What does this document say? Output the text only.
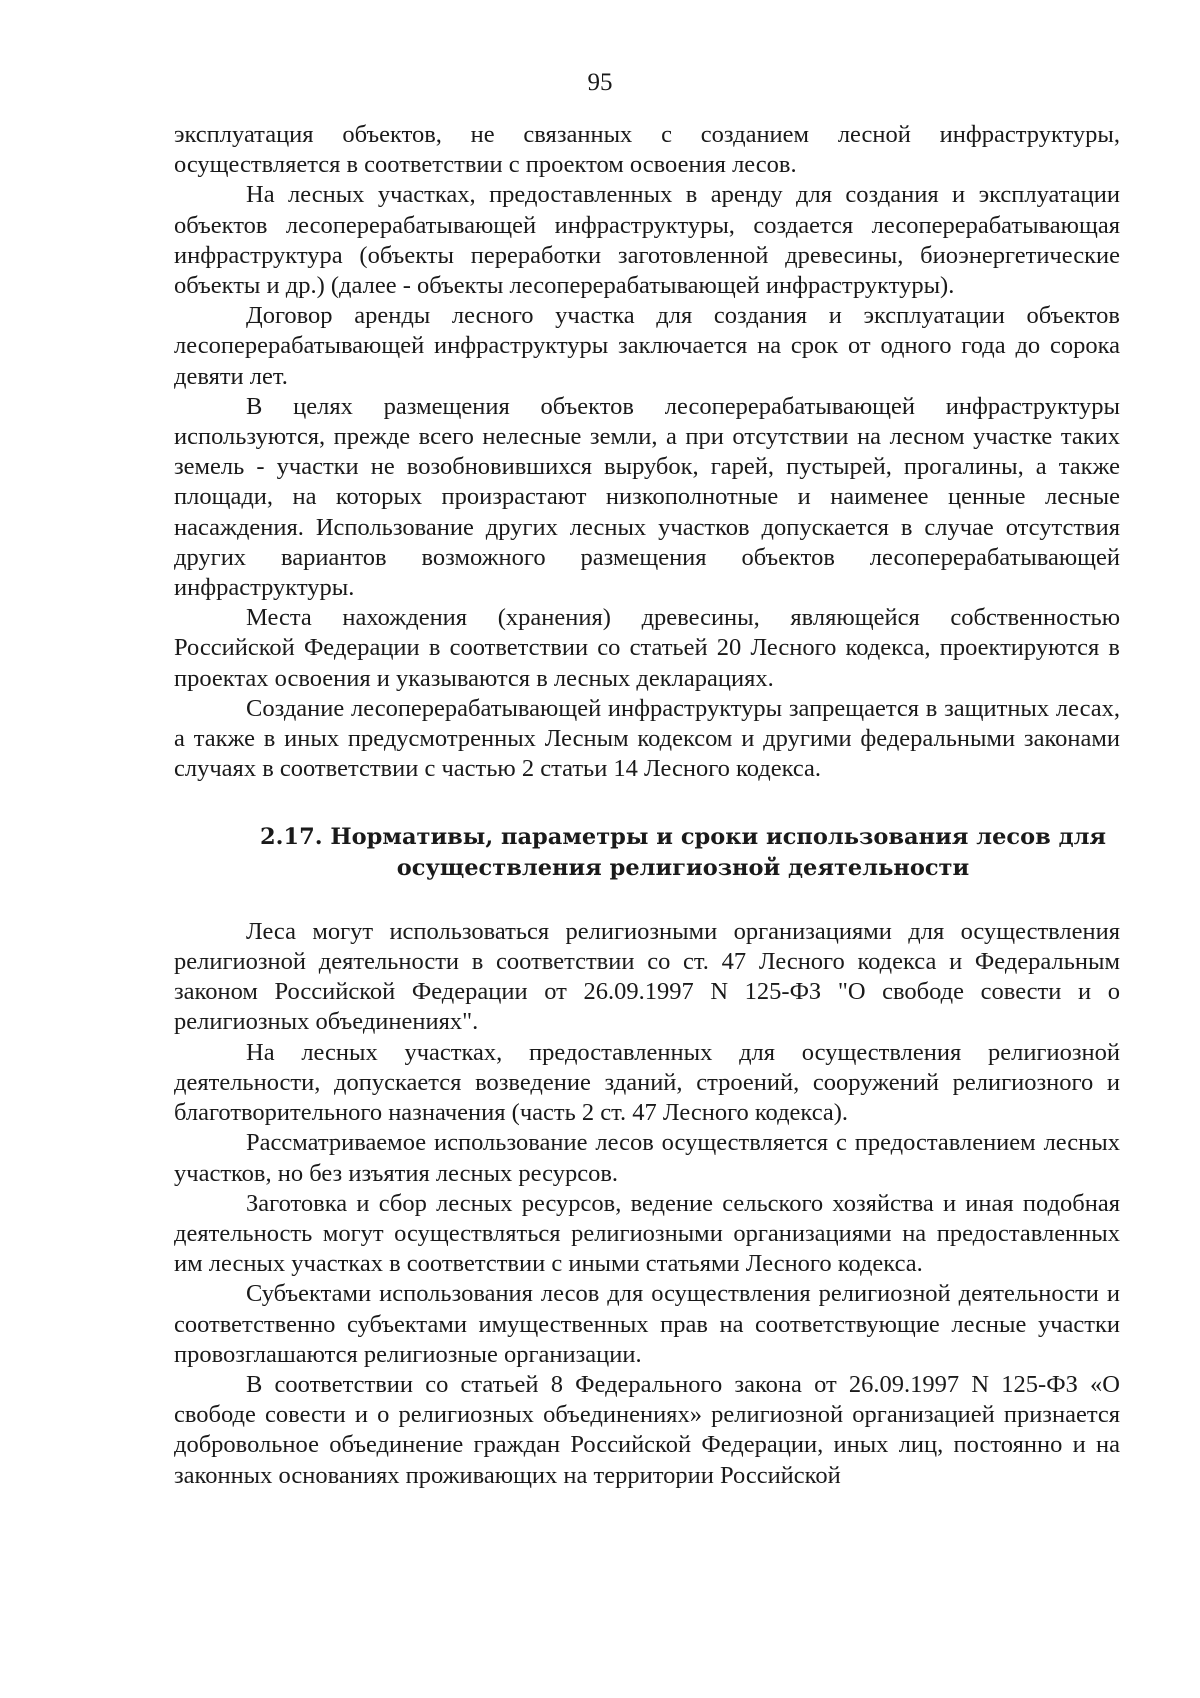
95

эксплуатация объектов, не связанных с созданием лесной инфраструктуры, осуществляется в соответствии с проектом освоения лесов.

На лесных участках, предоставленных в аренду для создания и эксплуатации объектов лесоперерабатывающей инфраструктуры, создается лесоперерабатывающая инфраструктура (объекты переработки заготовленной древесины, биоэнергетические объекты и др.) (далее - объекты лесоперерабатывающей инфраструктуры).

Договор аренды лесного участка для создания и эксплуатации объектов лесоперерабатывающей инфраструктуры заключается на срок от одного года до сорока девяти лет.

В целях размещения объектов лесоперерабатывающей инфраструктуры используются, прежде всего нелесные земли, а при отсутствии на лесном участке таких земель - участки не возобновившихся вырубок, гарей, пустырей, прогалины, а также площади, на которых произрастают низкополнотные и наименее ценные лесные насаждения. Использование других лесных участков допускается в случае отсутствия других вариантов возможного размещения объектов лесоперерабатывающей инфраструктуры.

Места нахождения (хранения) древесины, являющейся собственностью Российской Федерации в соответствии со статьей 20 Лесного кодекса, проектируются в проектах освоения и указываются в лесных декларациях.

Создание лесоперерабатывающей инфраструктуры запрещается в защитных лесах, а также в иных предусмотренных Лесным кодексом и другими федеральными законами случаях в соответствии с частью 2 статьи 14 Лесного кодекса.

2.17. Нормативы, параметры и сроки использования лесов для
осуществления религиозной деятельности

Леса могут использоваться религиозными организациями для осуществления религиозной деятельности в соответствии со ст. 47 Лесного кодекса и Федеральным законом Российской Федерации от 26.09.1997 N 125-ФЗ "О свободе совести и о религиозных объединениях".

На лесных участках, предоставленных для осуществления религиозной деятельности, допускается возведение зданий, строений, сооружений религиозного и благотворительного назначения (часть 2 ст. 47 Лесного кодекса).

Рассматриваемое использование лесов осуществляется с предоставлением лесных участков, но без изъятия лесных ресурсов.

Заготовка и сбор лесных ресурсов, ведение сельского хозяйства и иная подобная деятельность могут осуществляться религиозными организациями на предоставленных им лесных участках в соответствии с иными статьями Лесного кодекса.

Субъектами использования лесов для осуществления религиозной деятельности и соответственно субъектами имущественных прав на соответствующие лесные участки провозглашаются религиозные организации.

В соответствии со статьей 8 Федерального закона от 26.09.1997 N 125-ФЗ «О свободе совести и о религиозных объединениях» религиозной организацией признается добровольное объединение граждан Российской Федерации, иных лиц, постоянно и на законных основаниях проживающих на территории Российской
